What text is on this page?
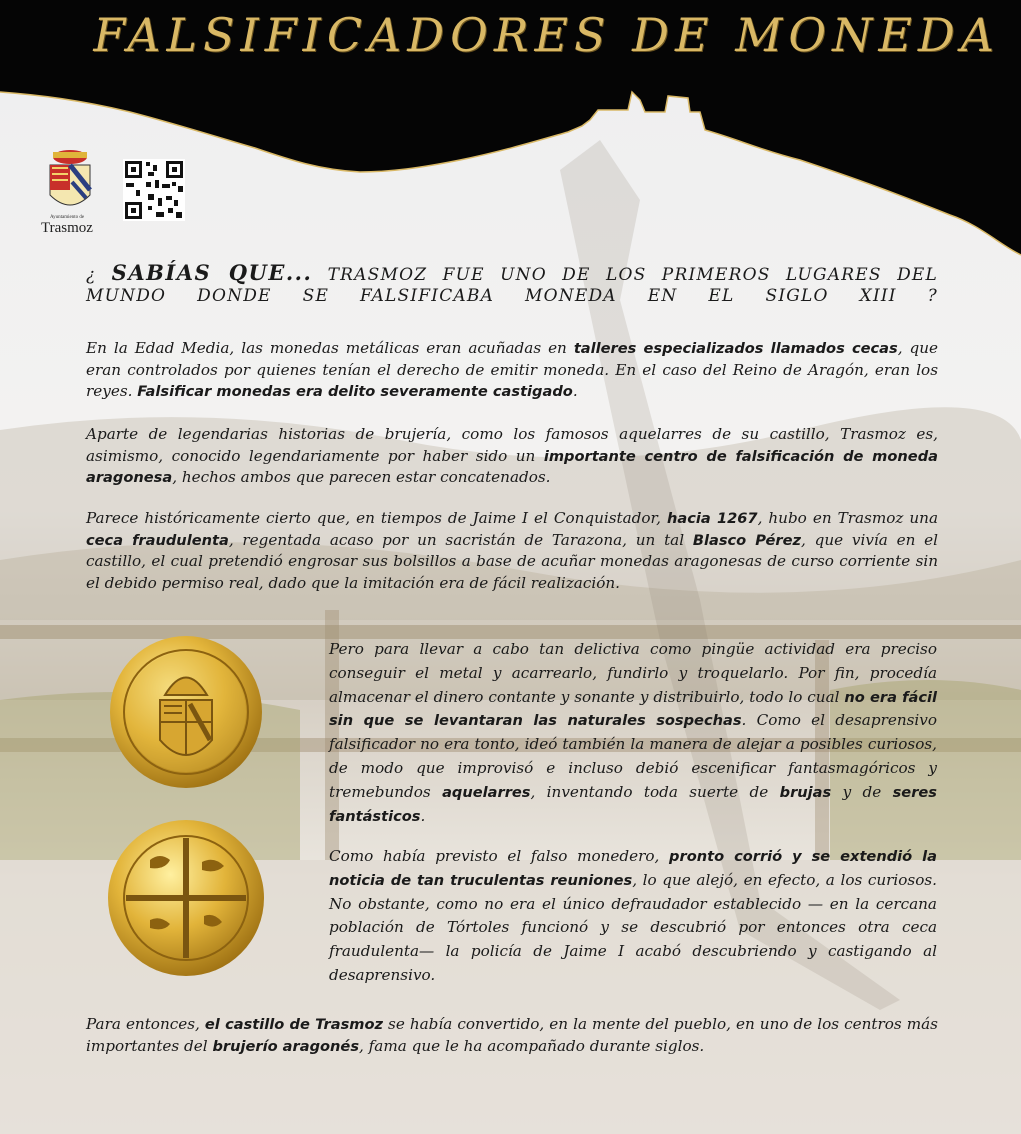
FALSIFICADORES DE MONEDA
Ayuntamiento de
Trasmoz
¿ SABÍAS QUE... TRASMOZ FUE UNO DE LOS PRIMEROS LUGARES DEL
MUNDO DONDE SE FALSIFICABA MONEDA EN EL SIGLO XIII ?

En la Edad Media, las monedas metálicas eran acuñadas en talleres especializados llamados cecas, que eran controlados por quienes tenían el derecho de emitir moneda. En el caso del Reino de Aragón, eran los reyes. Falsificar monedas era delito severamente castigado.

Aparte de legendarias historias de brujería, como los famosos aquelarres de su castillo, Trasmoz es, asimismo, conocido legendariamente por haber sido un importante centro de falsificación de moneda aragonesa, hechos ambos que parecen estar concatenados.

Parece históricamente cierto que, en tiempos de Jaime I el Conquistador, hacia 1267, hubo en Trasmoz una ceca fraudulenta, regentada acaso por un sacristán de Tarazona, un tal Blasco Pérez, que vivía en el castillo, el cual pretendió engrosar sus bolsillos a base de acuñar monedas aragonesas de curso corriente sin el debido permiso real, dado que la imitación era de fácil realización.

Pero para llevar a cabo tan delictiva como pingüe actividad era preciso conseguir el metal y acarrearlo, fundirlo y troquelarlo. Por fin, procedía almacenar el dinero contante y sonante y distribuirlo, todo lo cual no era fácil sin que se levantaran las naturales sospechas. Como el desaprensivo falsificador no era tonto, ideó también la manera de alejar a posibles curiosos, de modo que improvisó e incluso debió escenificar fantasmagóricos y tremebundos aquelarres, inventando toda suerte de brujas y de seres fantásticos.

Como había previsto el falso monedero, pronto corrió y se extendió la noticia de tan truculentas reuniones, lo que alejó, en efecto, a los curiosos. No obstante, como no era el único defraudador establecido — en la cercana población de Tórtoles funcionó y se descubrió por entonces otra ceca fraudulenta— la policía de Jaime I acabó descubriendo y castigando al desaprensivo.

Para entonces, el castillo de Trasmoz se había convertido, en la mente del pueblo, en uno de los centros más importantes del brujerío aragonés, fama que le ha acompañado durante siglos.
